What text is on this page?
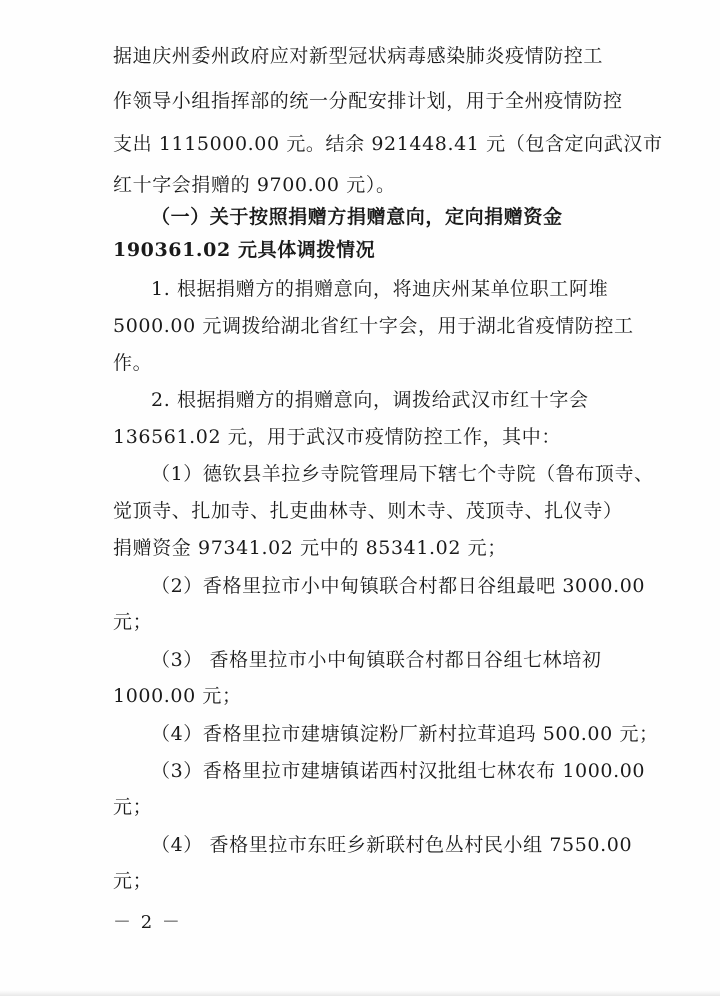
据迪庆州委州政府应对新型冠状病毒感染肺炎疫情防控工
作领导小组指挥部的统一分配安排计划，用于全州疫情防控
支出 1115000.00 元。结余 921448.41 元（包含定向武汉市
红十字会捐赠的 9700.00 元）。
（一）关于按照捐赠方捐赠意向，定向捐赠资金
190361.02 元具体调拨情况
1. 根据捐赠方的捐赠意向，将迪庆州某单位职工阿堆
5000.00 元调拨给湖北省红十字会，用于湖北省疫情防控工
作。
2. 根据捐赠方的捐赠意向，调拨给武汉市红十字会
136561.02 元，用于武汉市疫情防控工作，其中：
（1）德钦县羊拉乡寺院管理局下辖七个寺院（鲁布顶寺、
觉顶寺、扎加寺、扎吏曲林寺、则木寺、茂顶寺、扎仪寺）
捐赠资金 97341.02 元中的 85341.02 元；
（2）香格里拉市小中甸镇联合村都日谷组最吧 3000.00
元；
（3） 香格里拉市小中甸镇联合村都日谷组七林培初
1000.00 元；
（4）香格里拉市建塘镇淀粉厂新村拉茸追玛 500.00 元；
（3）香格里拉市建塘镇诺西村汉批组七林农布 1000.00
元；
（4） 香格里拉市东旺乡新联村色丛村民小组 7550.00
元；
－ 2 －
